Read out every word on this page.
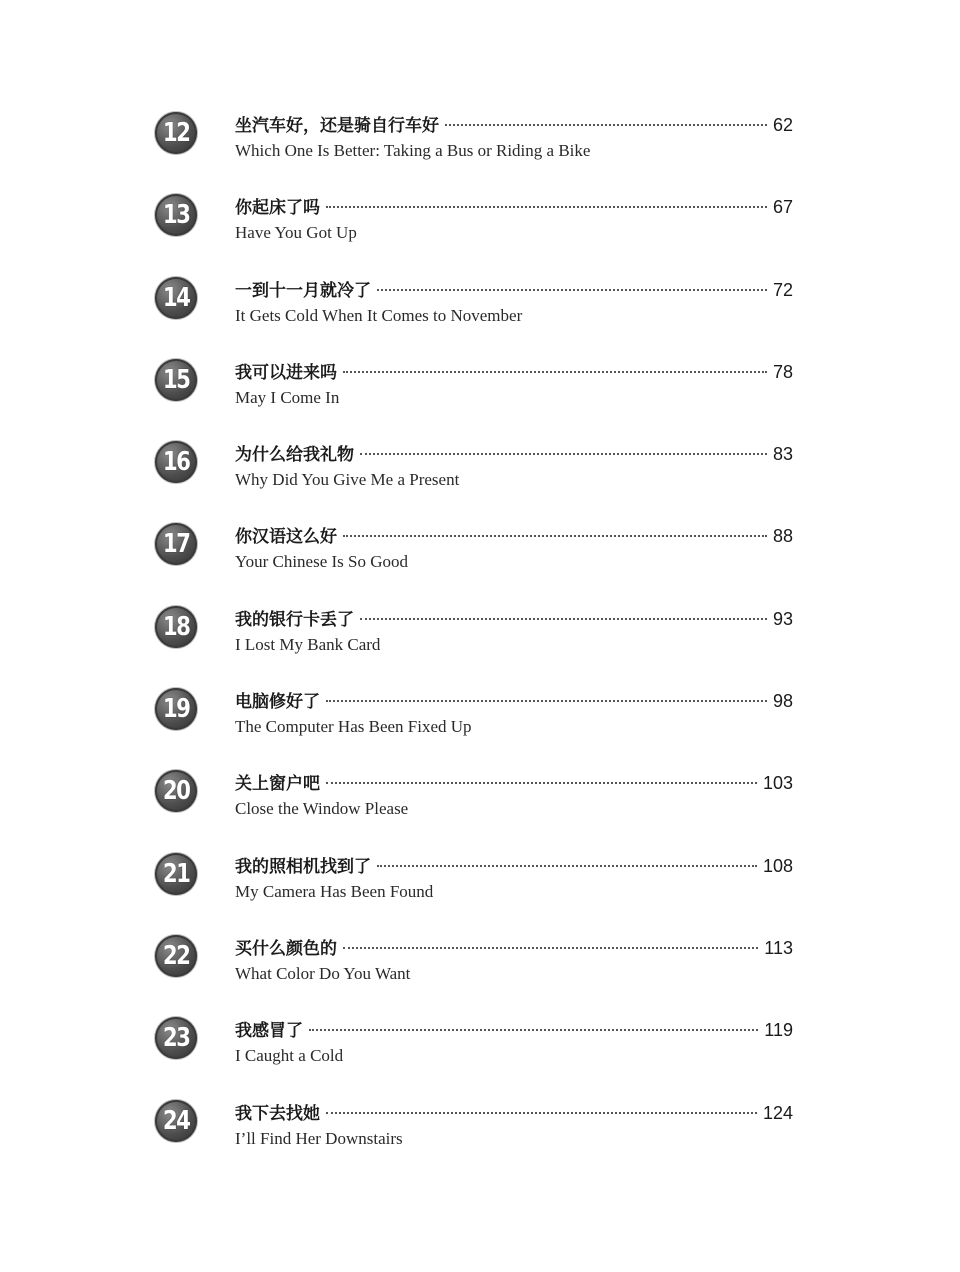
12	坐汽车好，还是骑自行车好	62
Which One Is Better: Taking a Bus or Riding a Bike
13	你起床了吗	67
Have You Got Up
14	一到十一月就冷了	72
It Gets Cold When It Comes to November
15	我可以进来吗	78
May I Come In
16	为什么给我礼物	83
Why Did You Give Me a Present
17	你汉语这么好	88
Your Chinese Is So Good
18	我的银行卡丢了	93
I Lost My Bank Card
19	电脑修好了	98
The Computer Has Been Fixed Up
20	关上窗户吧	103
Close the Window Please
21	我的照相机找到了	108
My Camera Has Been Found
22	买什么颜色的	113
What Color Do You Want
23	我感冒了	119
I Caught a Cold
24	我下去找她	124
I’ll Find Her Downstairs
